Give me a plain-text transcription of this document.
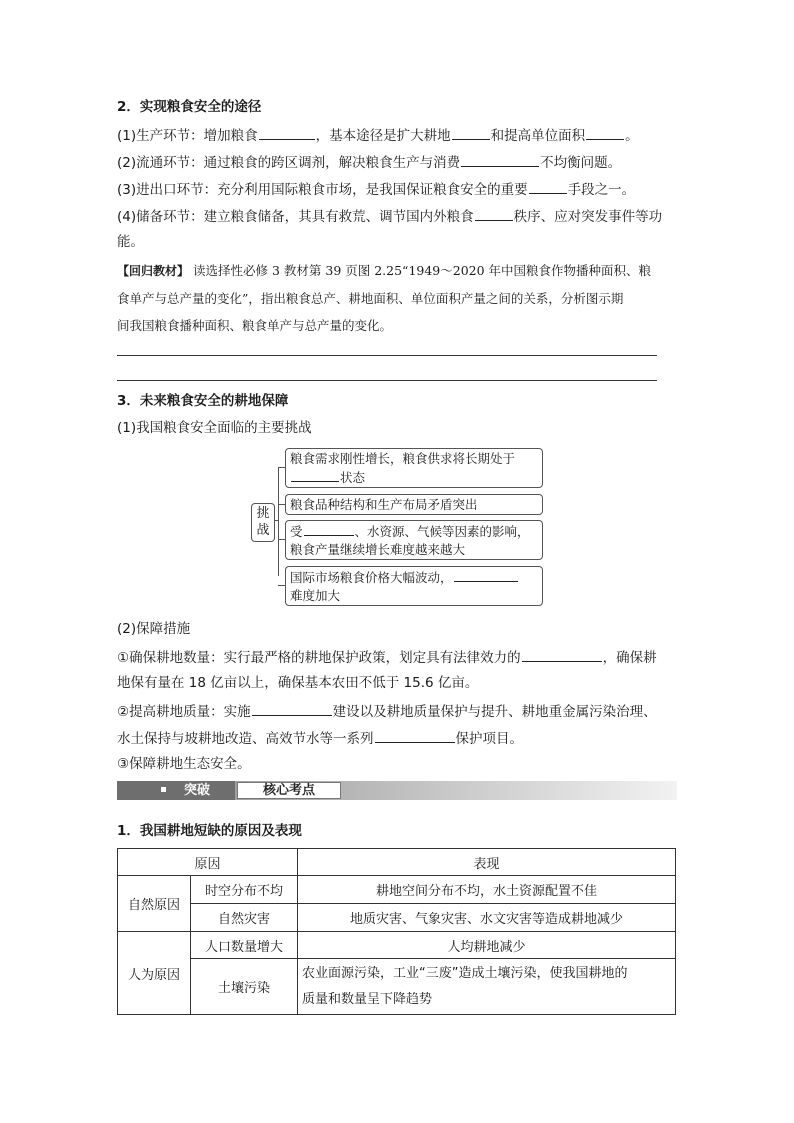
2．实现粮食安全的途径
(1)生产环节：增加粮食	，基本途径是扩大耕地	和提高单位面积	。
(2)流通环节：通过粮食的跨区调剂，解决粮食生产与消费	不均衡问题。
(3)进出口环节：充分利用国际粮食市场，是我国保证粮食安全的重要	手段之一。
(4)储备环节：建立粮食储备，其具有救荒、调节国内外粮食	秩序、应对突发事件等功
能。
【回归教材】 读选择性必修 3 教材第 39 页图 2.25“1949～2020 年中国粮食作物播种面积、粮
食单产与总产量的变化”，指出粮食总产、耕地面积、单位面积产量之间的关系，分析图示期
间我国粮食播种面积、粮食单产与总产量的变化。
3．未来粮食安全的耕地保障
(1)我国粮食安全面临的主要挑战
挑战
粮食需求刚性增长，粮食供求将长期处于
状态
粮食品种结构和生产布局矛盾突出
受	、水资源、气候等因素的影响，
粮食产量继续增长难度越来越大
国际市场粮食价格大幅波动，
难度加大
(2)保障措施
①确保耕地数量：实行最严格的耕地保护政策，划定具有法律效力的	，确保耕
地保有量在 18 亿亩以上，确保基本农田不低于 15.6 亿亩。
②提高耕地质量：实施	建设以及耕地质量保护与提升、耕地重金属污染治理、
水土保持与坡耕地改造、高效节水等一系列	保护项目。
③保障耕地生态安全。
突破	核心考点
1．我国耕地短缺的原因及表现
原因		表现
自然原因	时空分布不均	耕地空间分布不均，水土资源配置不佳
	自然灾害	地质灾害、气象灾害、水文灾害等造成耕地减少
人为原因	人口数量增大	人均耕地减少
	土壤污染	农业面源污染，工业“三废”造成土壤污染，使我国耕地的
质量和数量呈下降趋势
